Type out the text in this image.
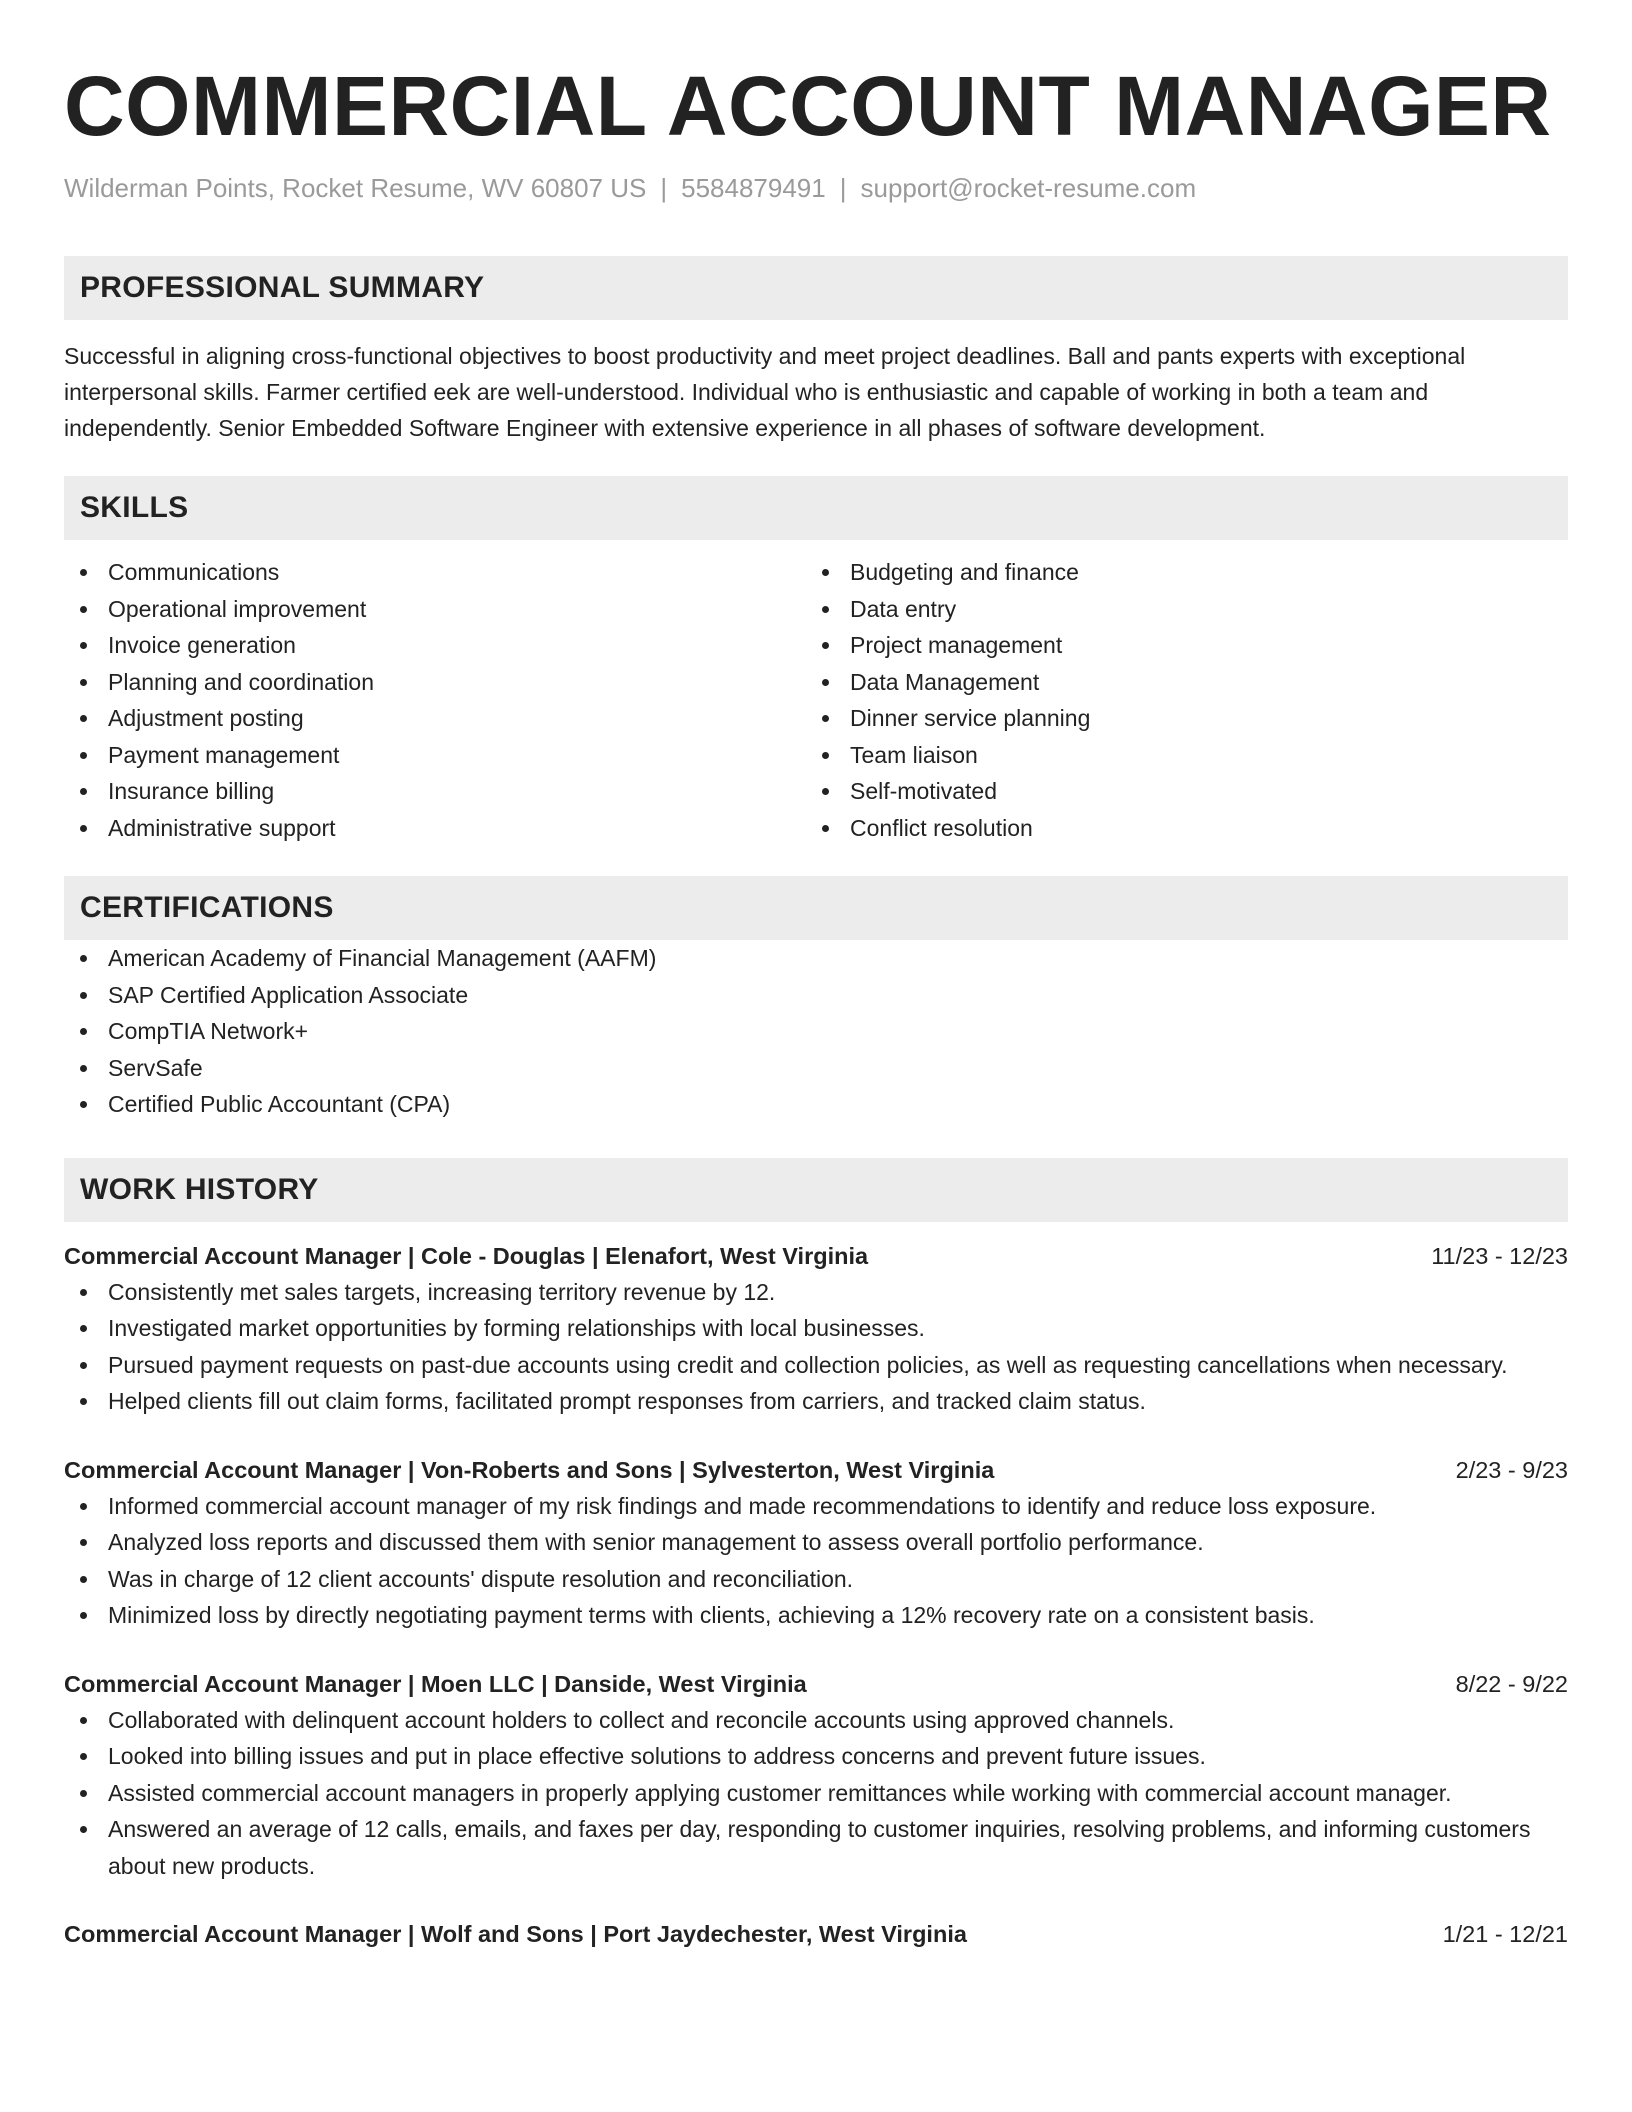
COMMERCIAL ACCOUNT MANAGER
Wilderman Points, Rocket Resume, WV 60807 US | 5584879491 | support@rocket-resume.com
PROFESSIONAL SUMMARY

Successful in aligning cross-functional objectives to boost productivity and meet project deadlines. Ball and pants experts with exceptional interpersonal skills. Farmer certified eek are well-understood. Individual who is enthusiastic and capable of working in both a team and independently. Senior Embedded Software Engineer with extensive experience in all phases of software development.

SKILLS
Communications
Operational improvement
Invoice generation
Planning and coordination
Adjustment posting
Payment management
Insurance billing
Administrative support
Budgeting and finance
Data entry
Project management
Data Management
Dinner service planning
Team liaison
Self-motivated
Conflict resolution
CERTIFICATIONS
American Academy of Financial Management (AAFM)
SAP Certified Application Associate
CompTIA Network+
ServSafe
Certified Public Accountant (CPA)
WORK HISTORY
Commercial Account Manager | Cole - Douglas | Elenafort, West Virginia	11/23 - 12/23
Consistently met sales targets, increasing territory revenue by 12.
Investigated market opportunities by forming relationships with local businesses.
Pursued payment requests on past-due accounts using credit and collection policies, as well as requesting cancellations when necessary.
Helped clients fill out claim forms, facilitated prompt responses from carriers, and tracked claim status.
Commercial Account Manager | Von-Roberts and Sons | Sylvesterton, West Virginia	2/23 - 9/23
Informed commercial account manager of my risk findings and made recommendations to identify and reduce loss exposure.
Analyzed loss reports and discussed them with senior management to assess overall portfolio performance.
Was in charge of 12 client accounts' dispute resolution and reconciliation.
Minimized loss by directly negotiating payment terms with clients, achieving a 12% recovery rate on a consistent basis.
Commercial Account Manager | Moen LLC | Danside, West Virginia	8/22 - 9/22
Collaborated with delinquent account holders to collect and reconcile accounts using approved channels.
Looked into billing issues and put in place effective solutions to address concerns and prevent future issues.
Assisted commercial account managers in properly applying customer remittances while working with commercial account manager.
Answered an average of 12 calls, emails, and faxes per day, responding to customer inquiries, resolving problems, and informing customers about new products.
Commercial Account Manager | Wolf and Sons | Port Jaydechester, West Virginia	1/21 - 12/21
